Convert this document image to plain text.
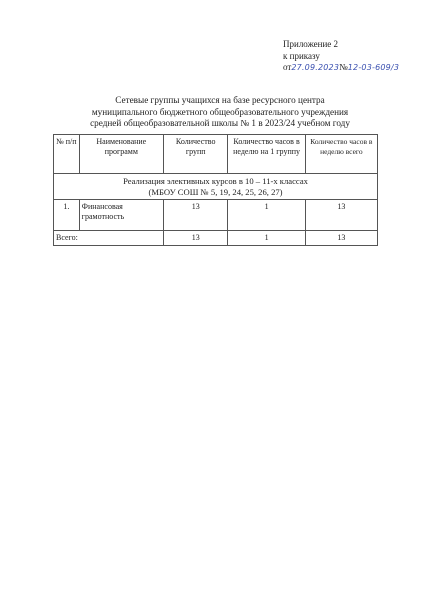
Приложение 2
к приказу
от27.09.2023№12-03-609/3
Сетевые группы учащихся на базе ресурсного центра
муниципального бюджетного общеобразовательного учреждения
средней общеобразовательной школы № 1 в 2023/24 учебном году
№ п/п	Наименование программ	Количество групп	Количество часов в неделю на 1 группу	Количество часов в неделю всего

Реализация элективных курсов в 10 – 11-х классах
(МБОУ СОШ № 5, 19, 24, 25, 26, 27)				

1.	Финансовая грамотность	13	1	13
Всего:		13	1	13
